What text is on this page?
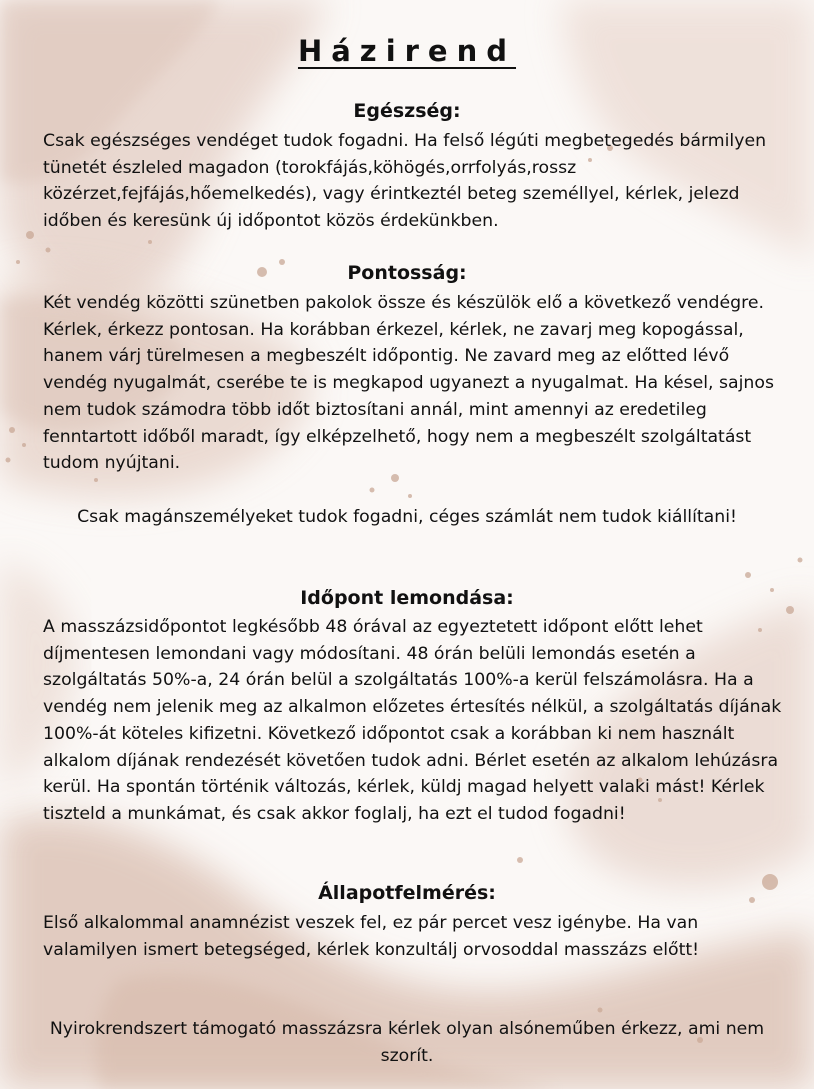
Házirend
Egészség:

Csak egészséges vendéget tudok fogadni. Ha felső légúti megbetegedés bármilyen tünetét észleled magadon (torokfájás,köhögés,orrfolyás,rossz közérzet,fejfájás,hőemelkedés), vagy érintkeztél beteg személlyel, kérlek, jelezd időben és keresünk új időpontot közös érdekünkben.

Pontosság:

Két vendég közötti szünetben pakolok össze és készülök elő a következő vendégre. Kérlek, érkezz pontosan. Ha korábban érkezel, kérlek, ne zavarj meg kopogással, hanem várj türelmesen a megbeszélt időpontig. Ne zavard meg az előtted lévő vendég nyugalmát, cserébe te is megkapod ugyanezt a nyugalmat. Ha késel, sajnos nem tudok számodra több időt biztosítani annál, mint amennyi az eredetileg fenntartott időből maradt, így elképzelhető, hogy nem a megbeszélt szolgáltatást tudom nyújtani.

Csak magánszemélyeket tudok fogadni, céges számlát nem tudok kiállítani!

Időpont lemondása:

A masszázsidőpontot legkésőbb 48 órával az egyeztetett időpont előtt lehet díjmentesen lemondani vagy módosítani. 48 órán belüli lemondás esetén a szolgáltatás 50%-a, 24 órán belül a szolgáltatás 100%-a kerül felszámolásra. Ha a vendég nem jelenik meg az alkalmon előzetes értesítés nélkül, a szolgáltatás díjának 100%-át köteles kifizetni. Következő időpontot csak a korábban ki nem használt alkalom díjának rendezését követően tudok adni. Bérlet esetén az alkalom lehúzásra kerül. Ha spontán történik változás, kérlek, küldj magad helyett valaki mást! Kérlek tiszteld a munkámat, és csak akkor foglalj, ha ezt el tudod fogadni!

Állapotfelmérés:

Első alkalommal anamnézist veszek fel, ez pár percet vesz igénybe. Ha van valamilyen ismert betegséged, kérlek konzultálj orvosoddal masszázs előtt!

Nyirokrendszert támogató masszázsra kérlek olyan alsóneműben érkezz, ami nem szorít.
